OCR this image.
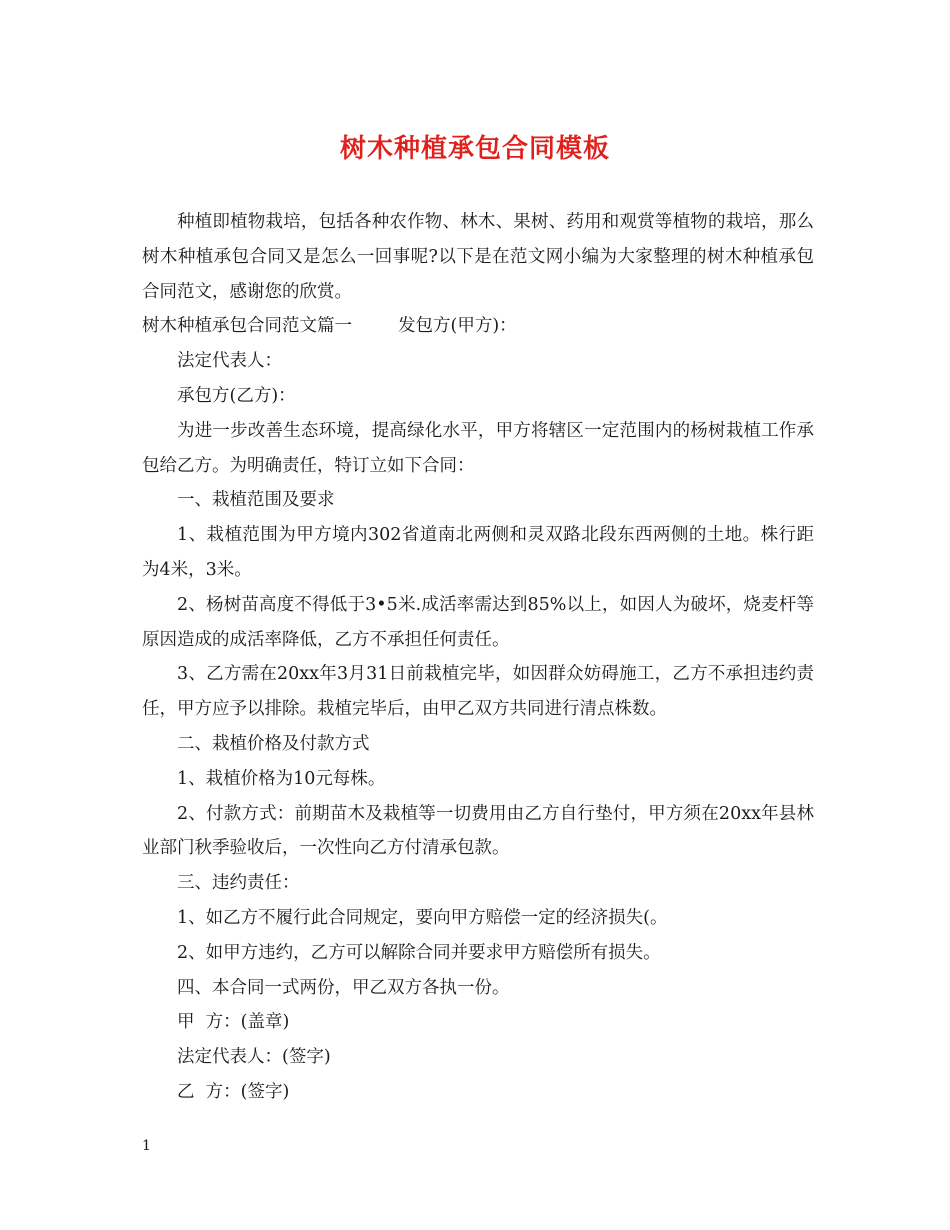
树木种植承包合同模板

种植即植物栽培，包括各种农作物、林木、果树、药用和观赏等植物的栽培，那么树木种植承包合同又是怎么一回事呢?以下是在范文网小编为大家整理的树木种植承包合同范文，感谢您的欣赏。

树木种植承包合同范文篇一	发包方(甲方)：

法定代表人：

承包方(乙方)：

为进一步改善生态环境，提高绿化水平，甲方将辖区一定范围内的杨树栽植工作承包给乙方。为明确责任，特订立如下合同：

一、栽植范围及要求

1、栽植范围为甲方境内302省道南北两侧和灵双路北段东西两侧的土地。株行距为4米，3米。

2、杨树苗高度不得低于3•5米.成活率需达到85%以上，如因人为破坏，烧麦杆等原因造成的成活率降低，乙方不承担任何责任。

3、乙方需在20xx年3月31日前栽植完毕，如因群众妨碍施工，乙方不承担违约责任，甲方应予以排除。栽植完毕后，由甲乙双方共同进行清点株数。

二、栽植价格及付款方式

1、栽植价格为10元每株。

2、付款方式：前期苗木及栽植等一切费用由乙方自行垫付，甲方须在20xx年县林业部门秋季验收后，一次性向乙方付清承包款。

三、违约责任：

1、如乙方不履行此合同规定，要向甲方赔偿一定的经济损失(。

2、如甲方违约，乙方可以解除合同并要求甲方赔偿所有损失。

四、本合同一式两份，甲乙双方各执一份。

甲  方：(盖章)

法定代表人：(签字)

乙  方：(签字)

1
